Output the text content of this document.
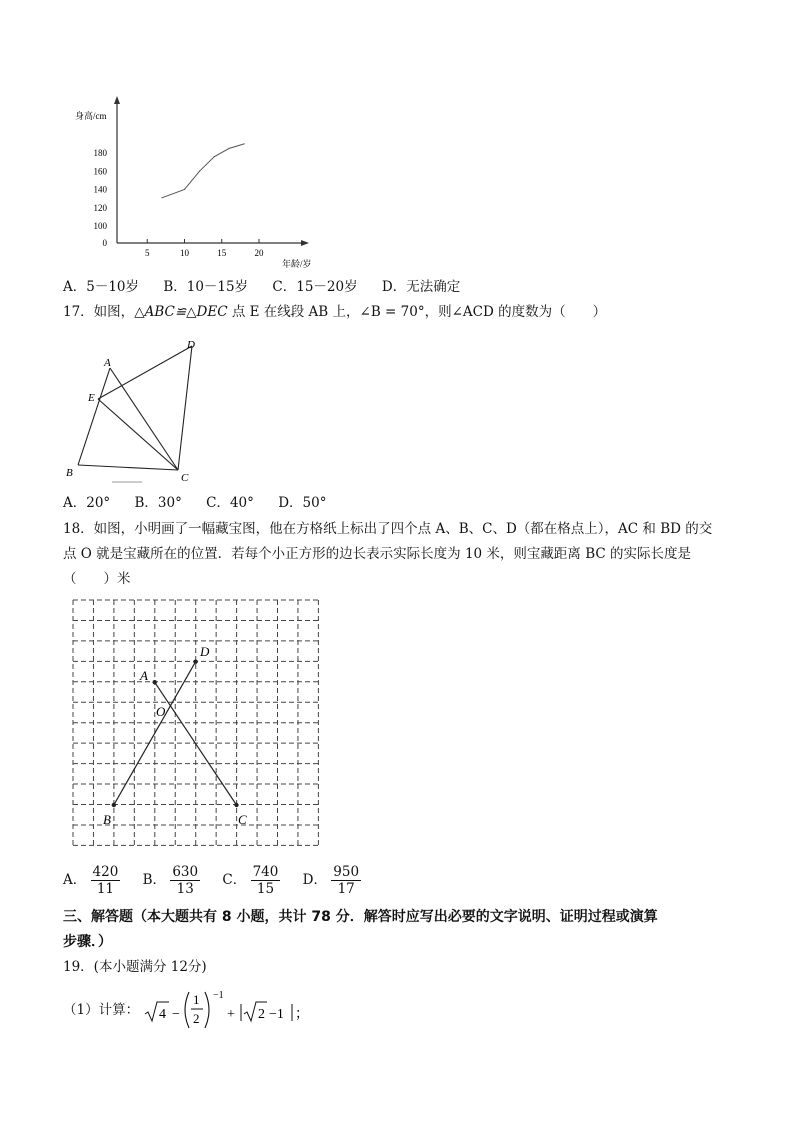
身高/cm
年龄/岁
5	10	15	20
0
100
120
140
160
180
A．5－10岁 B．10－15岁 C．15－20岁 D．无法确定
17．如图，△ABC≌△DEC 点 E 在线段 AB 上，∠B = 70°，则∠ACD 的度数为（　　）
A
B	C
D
E
A．20° B．30° C．40° D．50°
18．如图，小明画了一幅藏宝图，他在方格纸上标出了四个点 A、B、C、D（都在格点上），AC 和 BD 的交
点 O 就是宝藏所在的位置．若每个小正方形的边长表示实际长度为 10 米，则宝藏距离 BC 的实际长度是
（　　）米
A
B	C
D
O
A． $\frac{420}{11}$ B． $\frac{630}{13}$ C． $\frac{740}{15}$ D． $\frac{950}{17}$
三、解答题（本大题共有 8 小题，共计 78 分．解答时应写出必要的文字说明、证明过程或演算
步骤．）
19．(本小题满分 12分)
（1）计算： 4 −
1
2
−1
+ 2 −1 ；
